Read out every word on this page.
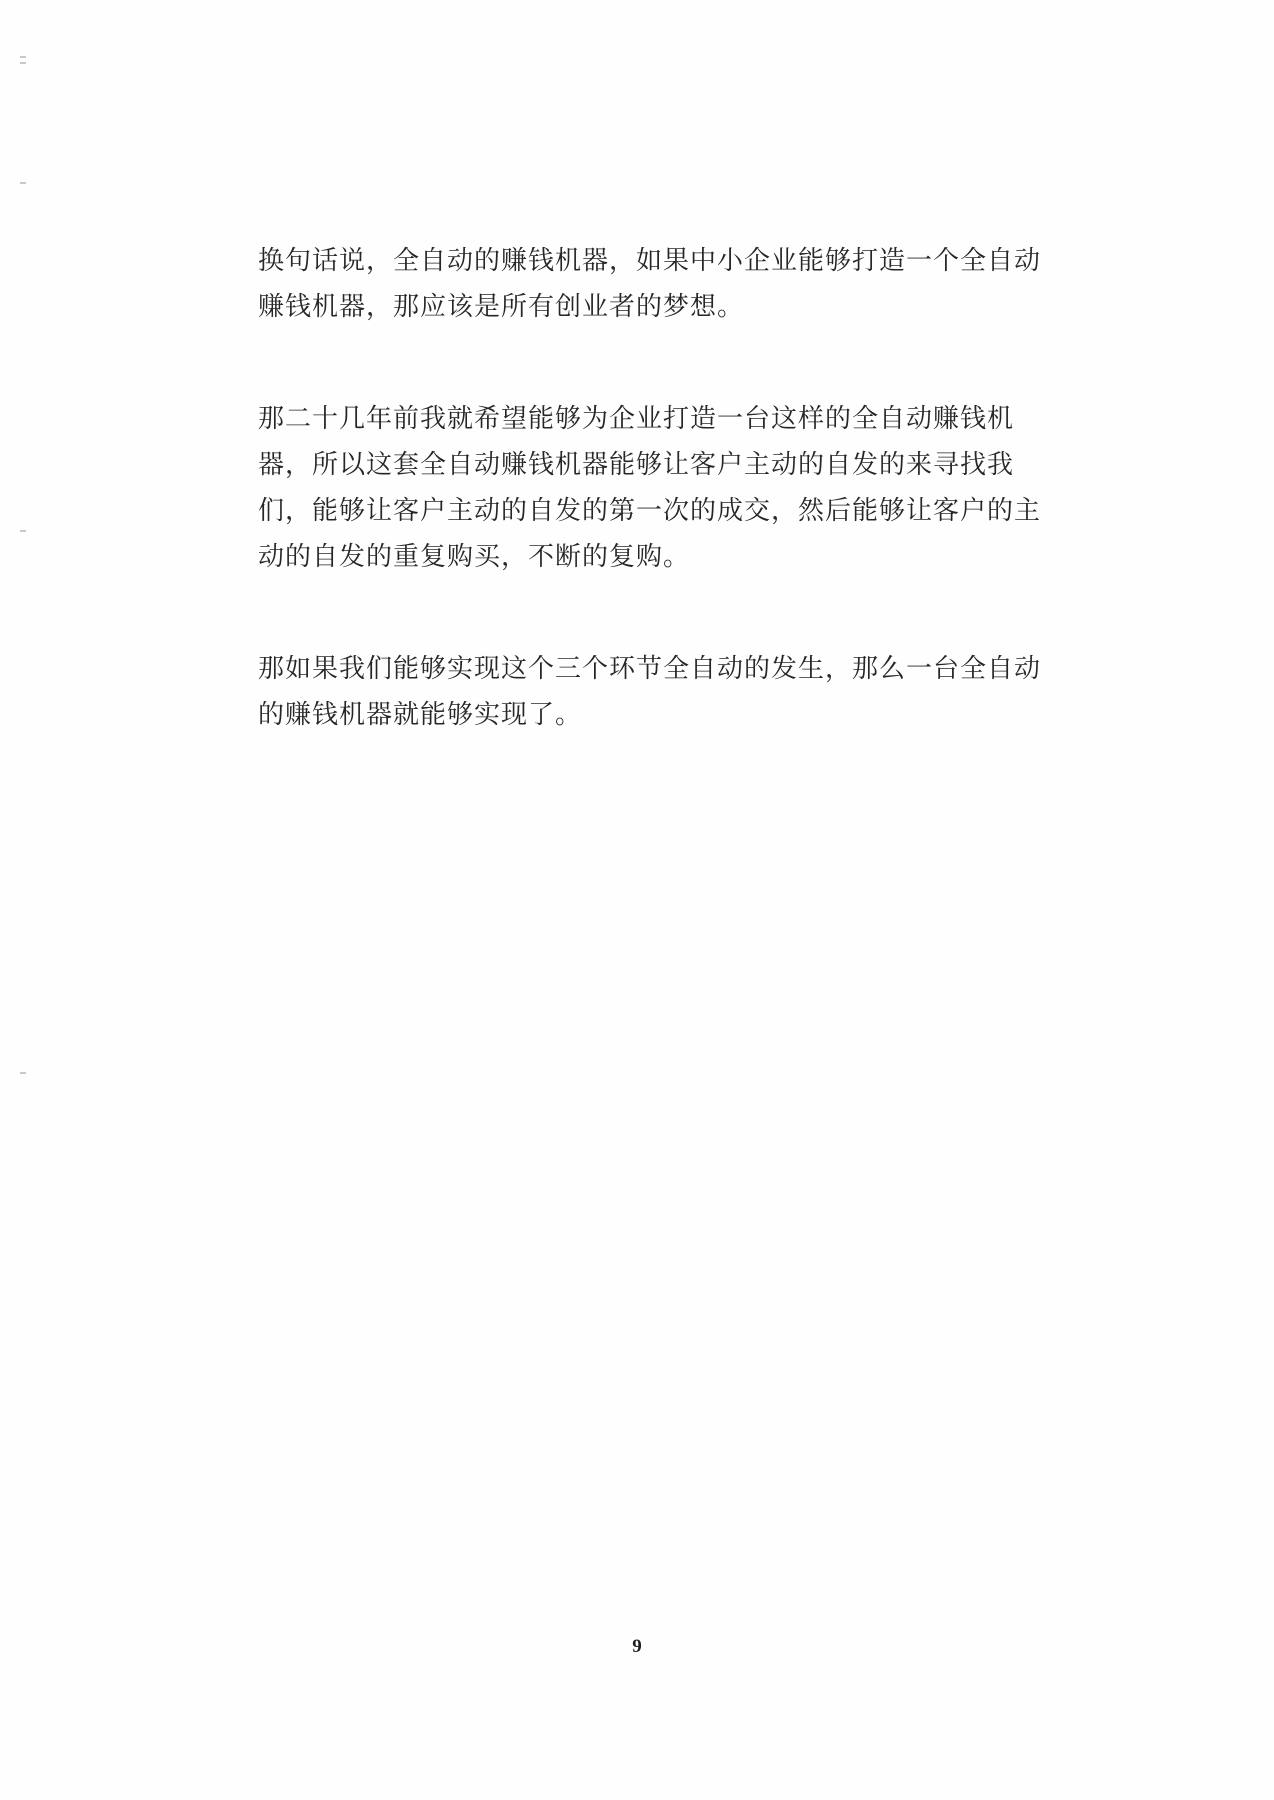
换句话说，全自动的赚钱机器，如果中小企业能够打造一个全自动赚钱机器，那应该是所有创业者的梦想。

那二十几年前我就希望能够为企业打造一台这样的全自动赚钱机器，所以这套全自动赚钱机器能够让客户主动的自发的来寻找我们，能够让客户主动的自发的第一次的成交，然后能够让客户的主动的自发的重复购买，不断的复购。

那如果我们能够实现这个三个环节全自动的发生，那么一台全自动的赚钱机器就能够实现了。

9
